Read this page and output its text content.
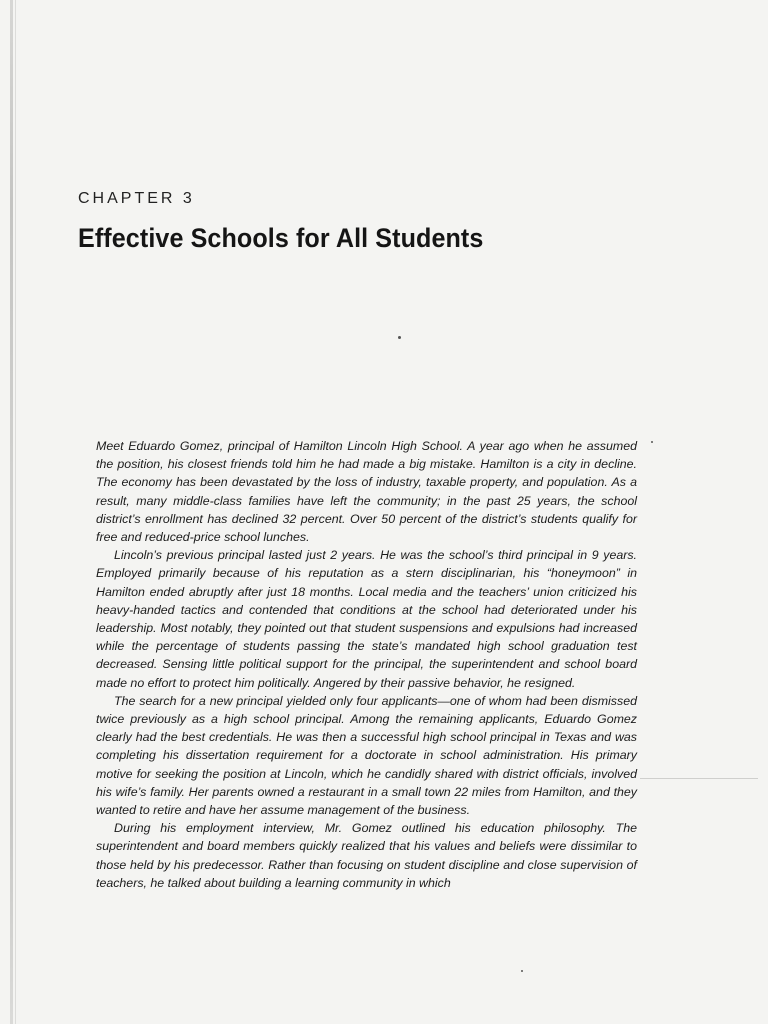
CHAPTER 3
Effective Schools for All Students

Meet Eduardo Gomez, principal of Hamilton Lincoln High School. A year ago when he assumed the position, his closest friends told him he had made a big mistake. Hamilton is a city in decline. The economy has been devastated by the loss of industry, taxable property, and population. As a result, many middle-class families have left the community; in the past 25 years, the school district’s enrollment has declined 32 percent. Over 50 percent of the district’s students qualify for free and reduced-price school lunches.

Lincoln’s previous principal lasted just 2 years. He was the school’s third principal in 9 years. Employed primarily because of his reputation as a stern disciplinarian, his “honeymoon” in Hamilton ended abruptly after just 18 months. Local media and the teachers’ union criticized his heavy-handed tactics and contended that conditions at the school had deteriorated under his leadership. Most notably, they pointed out that student suspensions and expulsions had increased while the percentage of students passing the state’s mandated high school graduation test decreased. Sensing little political support for the principal, the superintendent and school board made no effort to protect him politically. Angered by their passive behavior, he resigned.

The search for a new principal yielded only four applicants—one of whom had been dismissed twice previously as a high school principal. Among the remaining applicants, Eduardo Gomez clearly had the best credentials. He was then a successful high school principal in Texas and was completing his dissertation requirement for a doctorate in school administration. His primary motive for seeking the position at Lincoln, which he candidly shared with district officials, involved his wife’s family. Her parents owned a restaurant in a small town 22 miles from Hamilton, and they wanted to retire and have her assume management of the business.

During his employment interview, Mr. Gomez outlined his education philosophy. The superintendent and board members quickly realized that his values and beliefs were dissimilar to those held by his predecessor. Rather than focusing on student discipline and close supervision of teachers, he talked about building a learning community in which
